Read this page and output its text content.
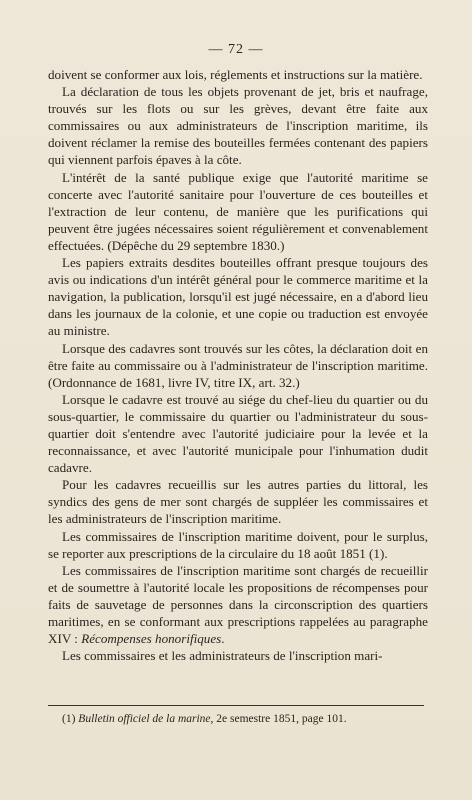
— 72 —

doivent se conformer aux lois, réglements et instructions sur la matière.

La déclaration de tous les objets provenant de jet, bris et naufrage, trouvés sur les flots ou sur les grèves, devant être faite aux commissaires ou aux administrateurs de l'inscription maritime, ils doivent réclamer la remise des bouteilles fermées contenant des papiers qui viennent parfois épaves à la côte.

L'intérêt de la santé publique exige que l'autorité maritime se concerte avec l'autorité sanitaire pour l'ouverture de ces bouteilles et l'extraction de leur contenu, de manière que les purifications qui peuvent être jugées nécessaires soient régulièrement et convenablement effectuées. (Dépêche du 29 septembre 1830.)

Les papiers extraits desdites bouteilles offrant presque toujours des avis ou indications d'un intérêt général pour le commerce maritime et la navigation, la publication, lorsqu'il est jugé nécessaire, en a d'abord lieu dans les journaux de la colonie, et une copie ou traduction est envoyée au ministre.

Lorsque des cadavres sont trouvés sur les côtes, la déclaration doit en être faite au commissaire ou à l'administrateur de l'inscription maritime. (Ordonnance de 1681, livre IV, titre IX, art. 32.)

Lorsque le cadavre est trouvé au siége du chef-lieu du quartier ou du sous-quartier, le commissaire du quartier ou l'administrateur du sous-quartier doit s'entendre avec l'autorité judiciaire pour la levée et la reconnaissance, et avec l'autorité municipale pour l'inhumation dudit cadavre.

Pour les cadavres recueillis sur les autres parties du littoral, les syndics des gens de mer sont chargés de suppléer les commissaires et les administrateurs de l'inscription maritime.

Les commissaires de l'inscription maritime doivent, pour le surplus, se reporter aux prescriptions de la circulaire du 18 août 1851 (1).

Les commissaires de l'inscription maritime sont chargés de recueillir et de soumettre à l'autorité locale les propositions de récompenses pour faits de sauvetage de personnes dans la circonscription des quartiers maritimes, en se conformant aux prescriptions rappelées au paragraphe XIV : Récompenses honorifiques.

Les commissaires et les administrateurs de l'inscription mari-

(1) Bulletin officiel de la marine, 2e semestre 1851, page 101.
